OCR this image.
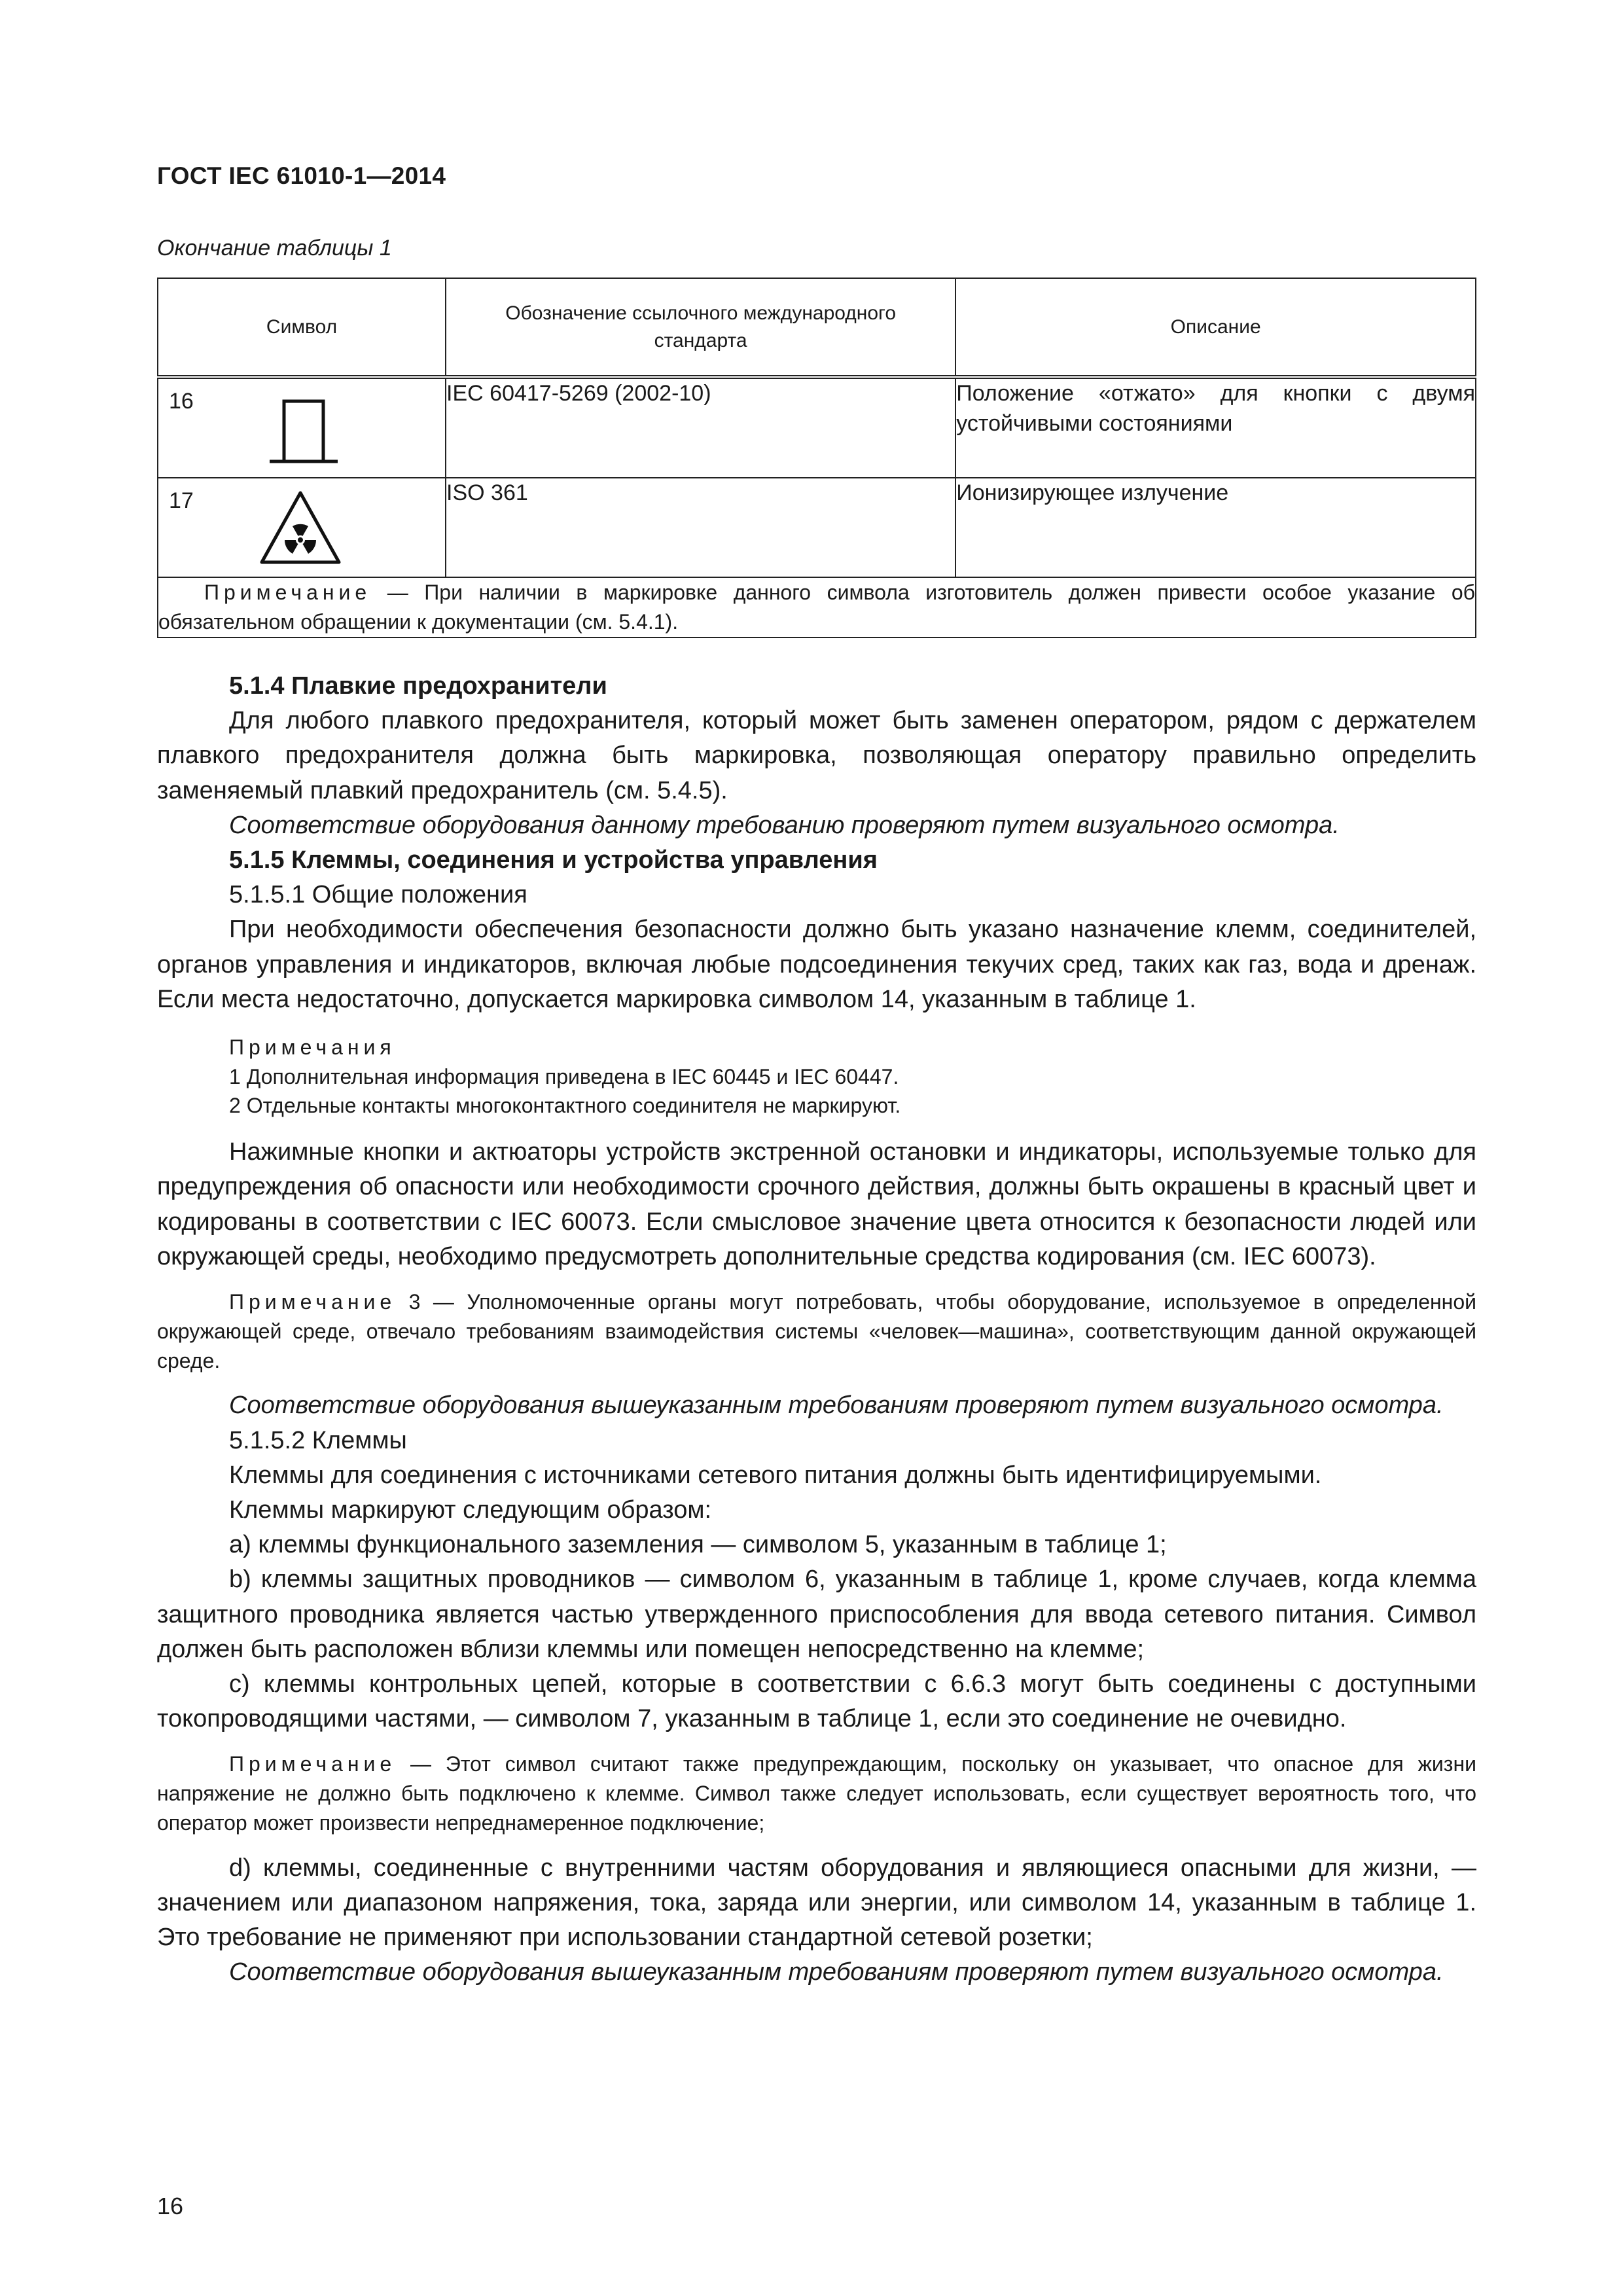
ГОСТ IEC 61010-1—2014
Окончание таблицы 1
Символ	Обозначение ссылочного международного стандарта	Описание

16	IEC 60417-5269 (2002-10)	Положение «отжато» для кнопки с двумя устойчивыми состояниями

17	ISO 361	Ионизирующее излучение
Примечание — При наличии в маркировке данного символа изготовитель должен привести особое указание об обязательном обращении к документации (см. 5.4.1).		

5.1.4 Плавкие предохранители

Для любого плавкого предохранителя, который может быть заменен оператором, рядом с держателем плавкого предохранителя должна быть маркировка, позволяющая оператору правильно определить заменяемый плавкий предохранитель (см. 5.4.5).

Соответствие оборудования данному требованию проверяют путем визуального осмотра.

5.1.5 Клеммы, соединения и устройства управления

5.1.5.1 Общие положения

При необходимости обеспечения безопасности должно быть указано назначение клемм, соединителей, органов управления и индикаторов, включая любые подсоединения текучих сред, таких как газ, вода и дренаж. Если места недостаточно, допускается маркировка символом 14, указанным в таблице 1.

Примечания

1 Дополнительная информация приведена в IEC 60445 и IEC 60447.

2 Отдельные контакты многоконтактного соединителя не маркируют.

Нажимные кнопки и актюаторы устройств экстренной остановки и индикаторы, используемые только для предупреждения об опасности или необходимости срочного действия, должны быть окрашены в красный цвет и кодированы в соответствии с IEC 60073. Если смысловое значение цвета относится к безопасности людей или окружающей среды, необходимо предусмотреть дополнительные средства кодирования (см. IEC 60073).

Примечание 3 — Уполномоченные органы могут потребовать, чтобы оборудование, используемое в определенной окружающей среде, отвечало требованиям взаимодействия системы «человек—машина», соответствующим данной окружающей среде.

Соответствие оборудования вышеуказанным требованиям проверяют путем визуального осмотра.

5.1.5.2 Клеммы

Клеммы для соединения с источниками сетевого питания должны быть идентифицируемыми.

Клеммы маркируют следующим образом:

a) клеммы функционального заземления — символом 5, указанным в таблице 1;

b) клеммы защитных проводников — символом 6, указанным в таблице 1, кроме случаев, когда клемма защитного проводника является частью утвержденного приспособления для ввода сетевого питания. Символ должен быть расположен вблизи клеммы или помещен непосредственно на клемме;

c) клеммы контрольных цепей, которые в соответствии с 6.6.3 могут быть соединены с доступными токопроводящими частями, — символом 7, указанным в таблице 1, если это соединение не очевидно.

Примечание — Этот символ считают также предупреждающим, поскольку он указывает, что опасное для жизни напряжение не должно быть подключено к клемме. Символ также следует использовать, если существует вероятность того, что оператор может произвести непреднамеренное подключение;

d) клеммы, соединенные с внутренними частям оборудования и являющиеся опасными для жизни, — значением или диапазоном напряжения, тока, заряда или энергии, или символом 14, указанным в таблице 1. Это требование не применяют при использовании стандартной сетевой розетки;

Соответствие оборудования вышеуказанным требованиям проверяют путем визуального осмотра.

16
